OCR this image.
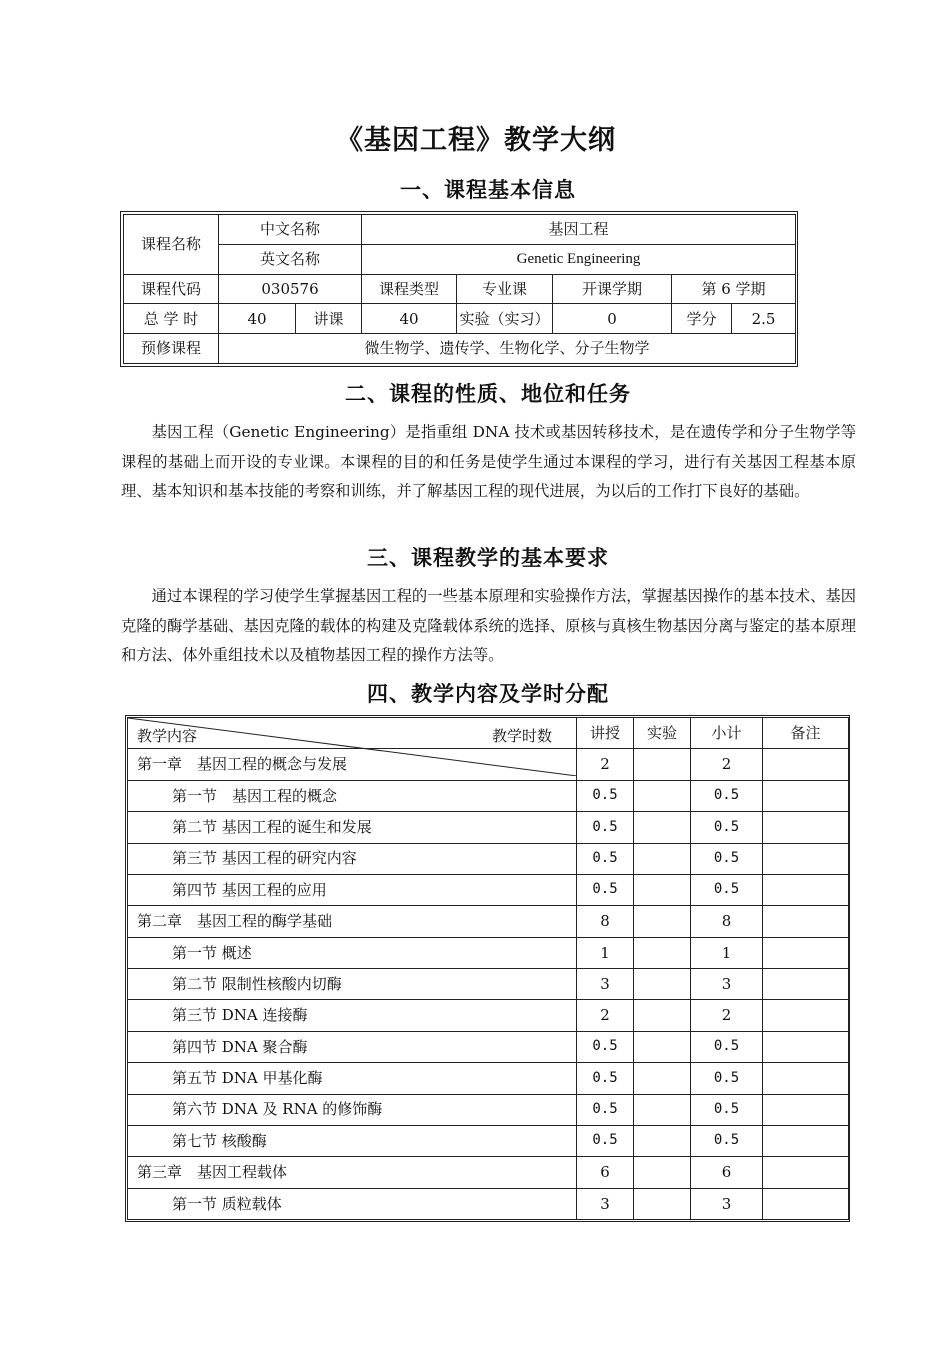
《基因工程》教学大纲
一、课程基本信息
课程名称	中文名称		基因工程				
	英文名称		Genetic Engineering				
课程代码	030576		课程类型	专业课	开课学期	第 6 学期	
总 学 时	40	讲课	40	实验（实习）	0	学分	2.5
预修课程	微生物学、遗传学、生物化学、分子生物学						
二、课程的性质、地位和任务

基因工程（Genetic Engineering）是指重组 DNA 技术或基因转移技术，是在遗传学和分子生物学等课程的基础上而开设的专业课。本课程的目的和任务是使学生通过本课程的学习，进行有关基因工程基本原理、基本知识和基本技能的考察和训练，并了解基因工程的现代进展，为以后的工作打下良好的基础。

三、课程教学的基本要求

通过本课程的学习使学生掌握基因工程的一些基本原理和实验操作方法，掌握基因操作的基本技术、基因克隆的酶学基础、基因克隆的载体的构建及克隆载体系统的选择、原核与真核生物基因分离与鉴定的基本原理和方法、体外重组技术以及植物基因工程的操作方法等。

四、教学内容及学时分配
教学时数
教学内容	讲授	实验	小计	备注
第一章　基因工程的概念与发展	2		2	
第一节　基因工程的概念	0.5		0.5	
第二节 基因工程的诞生和发展	0.5		0.5	
第三节 基因工程的研究内容	0.5		0.5	
第四节 基因工程的应用	0.5		0.5	
第二章　基因工程的酶学基础	8		8	
第一节 概述	1		1	
第二节 限制性核酸内切酶	3		3	
第三节 DNA 连接酶	2		2	
第四节 DNA 聚合酶	0.5		0.5	
第五节 DNA 甲基化酶	0.5		0.5	
第六节 DNA 及 RNA 的修饰酶	0.5		0.5	
第七节 核酸酶	0.5		0.5	
第三章　基因工程载体	6		6	
第一节 质粒载体	3		3	
